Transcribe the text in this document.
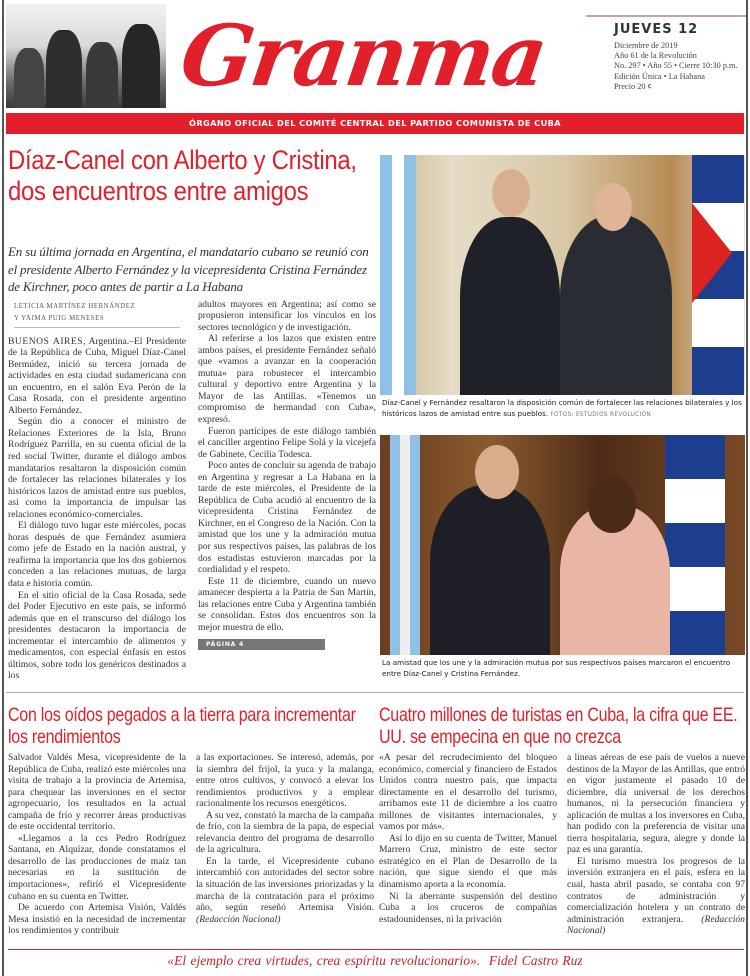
Granma	JUEVES 12
Diciembre de 2019
Año 61 de la Revolución
No. 297 • Año 55 • Cierre 10:30 p.m.
Edición Única • La Habana
Precio 20 ¢
ÓRGANO OFICIAL DEL COMITÉ CENTRAL DEL PARTIDO COMUNISTA DE CUBA
Díaz-Canel con Alberto y Cristina, dos encuentros entre amigos
En su última jornada en Argentina, el mandatario cubano se reunió con el presidente Alberto Fernández y la vicepresidenta Cristina Fernández de Kirchner, poco antes de partir a La Habana
LETICIA MARTÍNEZ HERNÁNDEZ
Y YAIMA PUIG MENESES

BUENOS AIRES, Argentina.–El Presidente de la República de Cuba, Miguel Díaz-Canel Bermúdez, inició su tercera jornada de actividades en esta ciudad sudamericana con un encuentro, en el salón Eva Perón de la Casa Rosada, con el presidente argentino Alberto Fernández.

Según dio a conocer el ministro de Relaciones Exteriores de la Isla, Bruno Rodríguez Parrilla, en su cuenta oficial de la red social Twitter, durante el diálogo ambos mandatarios resaltaron la disposición común de fortalecer las relaciones bilaterales y los históricos lazos de amistad entre sus pueblos, así como la importancia de impulsar las relaciones económico-comerciales.

El diálogo tuvo lugar este miércoles, pocas horas después de que Fernández asumiera como jefe de Estado en la nación austral, y reafirma la importancia que los dos gobiernos conceden a las relaciones mutuas, de larga data e historia común.

En el sitio oficial de la Casa Rosada, sede del Poder Ejecutivo en este país, se informó además que en el transcurso del diálogo los presidentes destacaron la importancia de incrementar el intercambio de alimentos y medicamentos, con especial énfasis en estos últimos, sobre todo los genéricos destinados a los

adultos mayores en Argentina; así como se propusieron intensificar los vínculos en los sectores tecnológico y de investigación.

Al referirse a los lazos que existen entre ambos países, el presidente Fernández señaló que «vamos a avanzar en la cooperación mutua» para robustecer el intercambio cultural y deportivo entre Argentina y la Mayor de las Antillas. «Tenemos un compromiso de hermandad con Cuba», expresó.

Fueron partícipes de este diálogo también el canciller argentino Felipe Solá y la vicejefa de Gabinete, Cecilia Todesca.

Poco antes de concluir su agenda de trabajo en Argentina y regresar a La Habana en la tarde de este miércoles, el Presidente de la República de Cuba acudió al encuentro de la vicepresidenta Cristina Fernández de Kirchner, en el Congreso de la Nación. Con la amistad que los une y la admiración mutua por sus respectivos países, las palabras de los dos estadistas estuvieron marcadas por la cordialidad y el respeto.

Este 11 de diciembre, cuando un nuevo amanecer despierta a la Patria de San Martín, las relaciones entre Cuba y Argentina también se consolidan. Estos dos encuentros son la mejor muestra de ello.

PÁGINA 4
Díaz-Canel y Fernández resaltaron la disposición común de fortalecer las relaciones bilaterales y los históricos lazos de amistad entre sus pueblos. FOTOS: ESTUDIOS REVOLUCIÓN
La amistad que los une y la admiración mutua por sus respectivos países marcaron el encuentro entre Díaz-Canel y Cristina Fernández.
Con los oídos pegados a la tierra para incrementar los rendimientos

Salvador Valdés Mesa, vicepresidente de la República de Cuba, realizó este miércoles una visita de trabajo a la provincia de Artemisa, para chequear las inversiones en el sector agropecuario, los resultados en la actual campaña de frío y recorrer áreas productivas de este occidental territorio.

«Llegamos a la ccs Pedro Rodríguez Santana, en Alquízar, donde constatamos el desarrollo de las producciones de maíz tan necesarias en la sustitución de importaciones», refirió el Vicepresidente cubano en su cuenta en Twitter.

De acuerdo con Artemisa Visión, Valdés Mesa insistió en la necesidad de incrementar los rendimientos y contribuir

a las exportaciones. Se interesó, además, por la siembra del frijol, la yuca y la malanga, entre otros cultivos, y convocó a elevar los rendimientos productivos y a emplear racionalmente los recursos energéticos.

A su vez, constató la marcha de la campaña de frío, con la siembra de la papa, de especial relevancia dentro del programa de desarrollo de la agricultura.

En la tarde, el Vicepresidente cubano intercambió con autoridades del sector sobre la situación de las inversiones priorizadas y la marcha de la contratación para el próximo año, según reseñó Artemisa Visión. (Redacción Nacional)

Cuatro millones de turistas en Cuba, la cifra que EE. UU. se empecina en que no crezca

«A pesar del recrudecimiento del bloqueo económico, comercial y financiero de Estados Unidos contra nuestro país, que impacta directamente en el desarrollo del turismo, arribamos este 11 de diciembre a los cuatro millones de visitantes internacionales, y vamos por más».

Así lo dijo en su cuenta de Twitter, Manuel Marrero Cruz, ministro de este sector estratégico en el Plan de Desarrollo de la nación, que sigue siendo el que más dinamismo aporta a la economía.

Ni la aberrante suspensión del destino Cuba a los cruceros de compañías estadounidenses, ni la privación

a líneas aéreas de ese país de vuelos a nueve destinos de la Mayor de las Antillas, que entró en vigor justamente el pasado 10 de diciembre, día universal de los derechos humanos, ni la persecución financiera y aplicación de multas a los inversores en Cuba, han podido con la preferencia de visitar una tierra hospitalaria, segura, alegre y donde la paz es una garantía.

El turismo muestra los progresos de la inversión extranjera en el país, esfera en la cual, hasta abril pasado, se contaba con 97 contratos de administración y comercialización hotelera y un contrato de administración extranjera. (Redacción Nacional)

«El ejemplo crea virtudes, crea espíritu revolucionario». Fidel Castro Ruz
